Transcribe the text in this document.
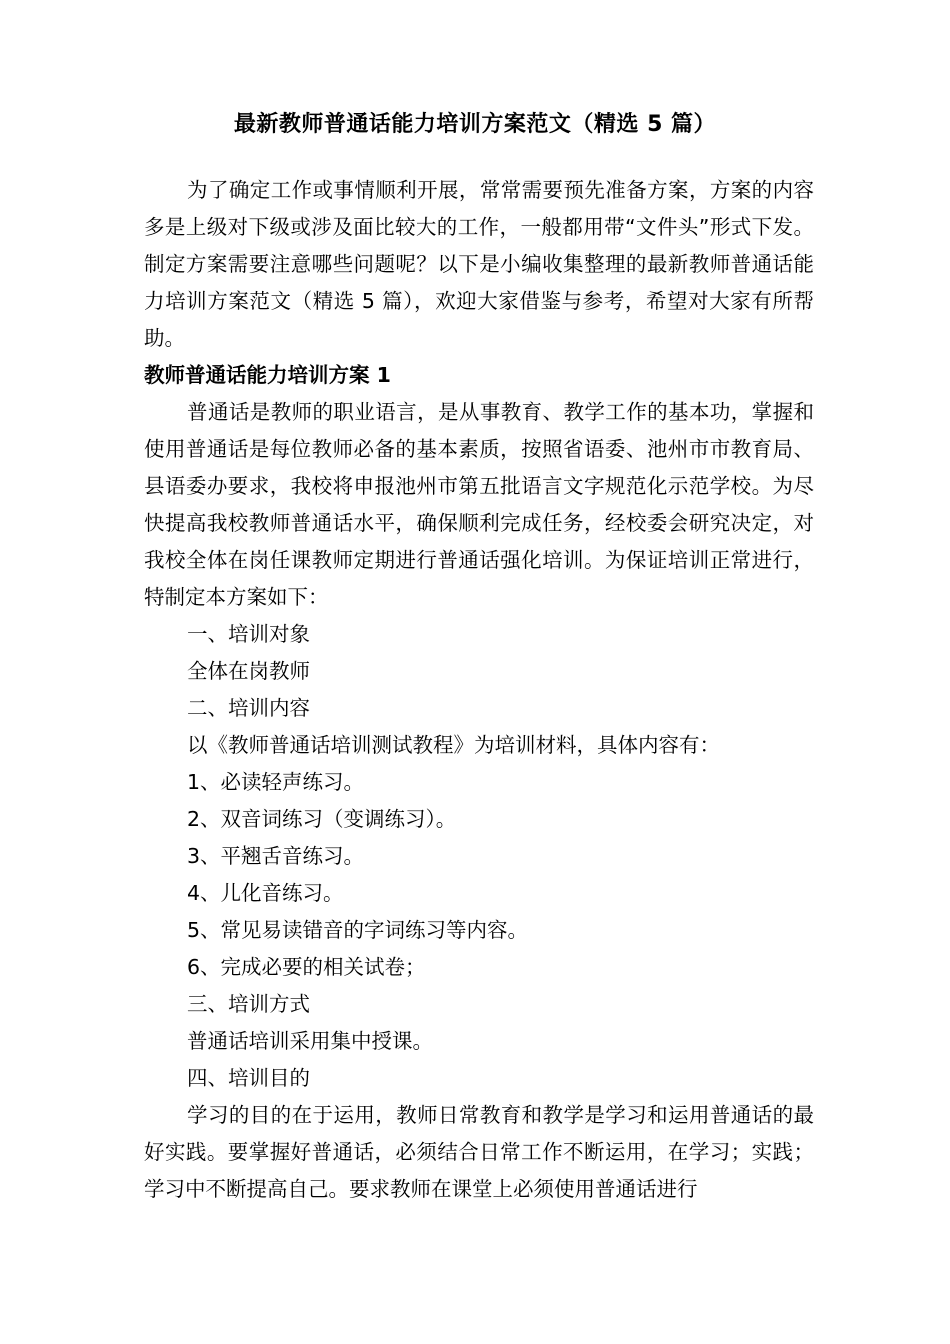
最新教师普通话能力培训方案范文（精选 5 篇）

为了确定工作或事情顺利开展，常常需要预先准备方案，方案的内容多是上级对下级或涉及面比较大的工作，一般都用带“文件头”形式下发。制定方案需要注意哪些问题呢？以下是小编收集整理的最新教师普通话能力培训方案范文（精选 5 篇），欢迎大家借鉴与参考，希望对大家有所帮助。

教师普通话能力培训方案 1

普通话是教师的职业语言，是从事教育、教学工作的基本功，掌握和使用普通话是每位教师必备的基本素质，按照省语委、池州市市教育局、县语委办要求，我校将申报池州市第五批语言文字规范化示范学校。为尽快提高我校教师普通话水平，确保顺利完成任务，经校委会研究决定，对我校全体在岗任课教师定期进行普通话强化培训。为保证培训正常进行，特制定本方案如下：

一、培训对象

全体在岗教师

二、培训内容

以《教师普通话培训测试教程》为培训材料，具体内容有：

1、必读轻声练习。

2、双音词练习（变调练习）。

3、平翘舌音练习。

4、儿化音练习。

5、常见易读错音的字词练习等内容。

6、完成必要的相关试卷；

三、培训方式

普通话培训采用集中授课。

四、培训目的

学习的目的在于运用，教师日常教育和教学是学习和运用普通话的最好实践。要掌握好普通话，必须结合日常工作不断运用，在学习；实践；学习中不断提高自己。要求教师在课堂上必须使用普通话进行
